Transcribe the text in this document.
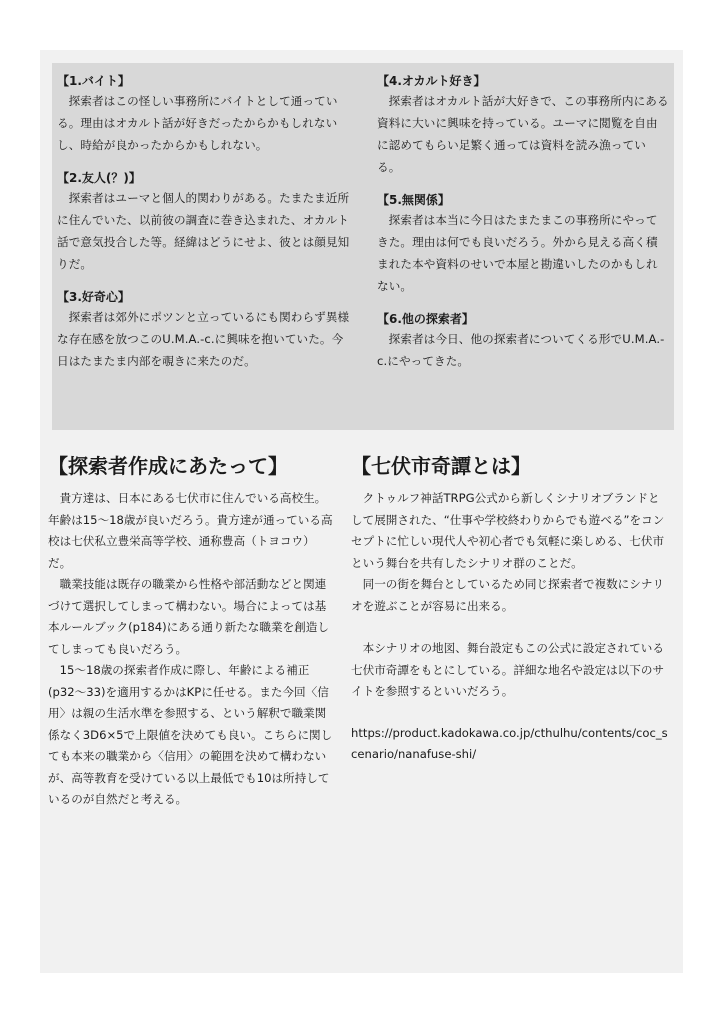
【1.バイト】

探索者はこの怪しい事務所にバイトとして通っている。理由はオカルト話が好きだったからかもしれないし、時給が良かったからかもしれない。

【2.友人(？)】

探索者はユーマと個人的関わりがある。たまたま近所に住んでいた、以前彼の調査に巻き込まれた、オカルト話で意気投合した等。経緯はどうにせよ、彼とは顔見知りだ。

【3.好奇心】

探索者は郊外にポツンと立っているにも関わらず異様な存在感を放つこのU.M.A.-c.に興味を抱いていた。今日はたまたま内部を覗きに来たのだ。

【4.オカルト好き】

探索者はオカルト話が大好きで、この事務所内にある資料に大いに興味を持っている。ユーマに閲覧を自由に認めてもらい足繁く通っては資料を読み漁っている。

【5.無関係】

探索者は本当に今日はたまたまこの事務所にやってきた。理由は何でも良いだろう。外から見える高く積まれた本や資料のせいで本屋と勘違いしたのかもしれない。

【6.他の探索者】

探索者は今日、他の探索者についてくる形でU.M.A.-c.にやってきた。

【探索者作成にあたって】

貴方達は、日本にある七伏市に住んでいる高校生。年齢は15〜18歳が良いだろう。貴方達が通っている高校は七伏私立豊栄高等学校、通称豊高（トヨコウ）だ。

職業技能は既存の職業から性格や部活動などと関連づけて選択してしまって構わない。場合によっては基本ルールブック(p184)にある通り新たな職業を創造してしまっても良いだろう。

15〜18歳の探索者作成に際し、年齢による補正(p32〜33)を適用するかはKPに任せる。また今回〈信用〉は親の生活水準を参照する、という解釈で職業関係なく3D6×5で上限値を決めても良い。こちらに関しても本来の職業から〈信用〉の範囲を決めて構わないが、高等教育を受けている以上最低でも10は所持しているのが自然だと考える。

【七伏市奇譚とは】

クトゥルフ神話TRPG公式から新しくシナリオブランドとして展開された、“仕事や学校終わりからでも遊べる”をコンセプトに忙しい現代人や初心者でも気軽に楽しめる、七伏市という舞台を共有したシナリオ群のことだ。

同一の街を舞台としているため同じ探索者で複数にシナリオを遊ぶことが容易に出来る。

本シナリオの地図、舞台設定もこの公式に設定されている七伏市奇譚をもとにしている。詳細な地名や設定は以下のサイトを参照するといいだろう。

https://product.kadokawa.co.jp/cthulhu/contents/coc_scenario/nanafuse-shi/
